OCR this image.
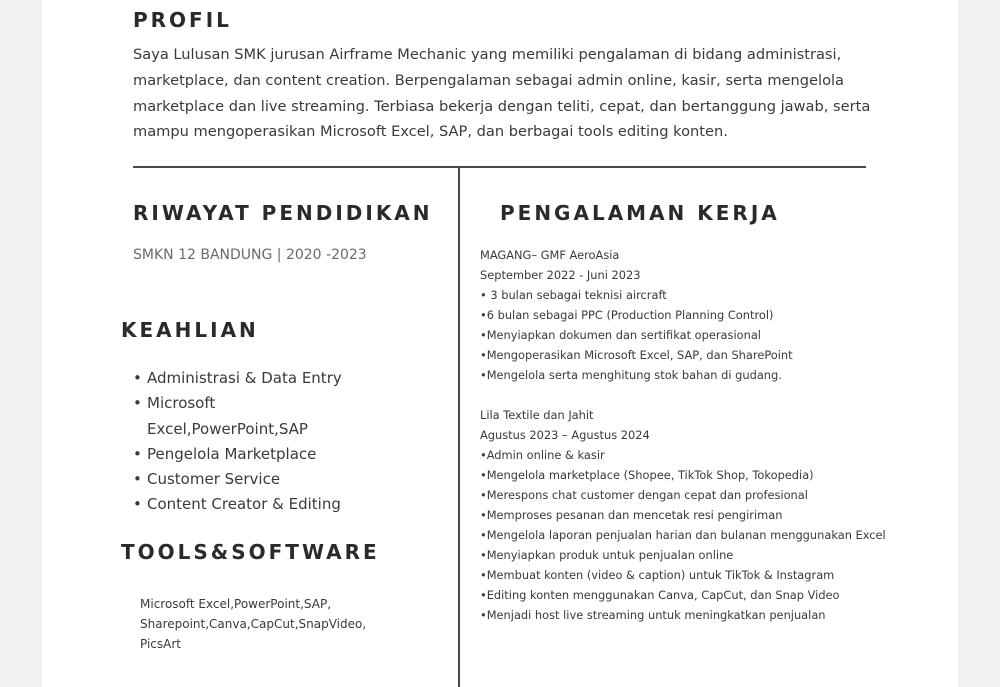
PROFIL
Saya Lulusan SMK jurusan Airframe Mechanic yang memiliki pengalaman di bidang administrasi, marketplace, dan content creation. Berpengalaman sebagai admin online, kasir, serta mengelola marketplace dan live streaming. Terbiasa bekerja dengan teliti, cepat, dan bertanggung jawab, serta mampu mengoperasikan Microsoft Excel, SAP, dan berbagai tools editing konten.
RIWAYAT PENDIDIKAN
SMKN 12 BANDUNG | 2020 -2023
KEAHLIAN
• Administrasi & Data Entry
• Microsoft Excel,PowerPoint,SAP
• Pengelola Marketplace
• Customer Service
• Content Creator & Editing
TOOLS&SOFTWARE
Microsoft Excel,PowerPoint,SAP, Sharepoint,Canva,CapCut,SnapVideo, PicsArt
PENGALAMAN KERJA
MAGANG– GMF AeroAsia
September 2022 - Juni 2023
• 3 bulan sebagai teknisi aircraft
•6 bulan sebagai PPC (Production Planning Control)
•Menyiapkan dokumen dan sertifikat operasional
•Mengoperasikan Microsoft Excel, SAP, dan SharePoint
•Mengelola serta menghitung stok bahan di gudang.
Lila Textile dan Jahit
Agustus 2023 – Agustus 2024
•Admin online & kasir
•Mengelola marketplace (Shopee, TikTok Shop, Tokopedia)
•Merespons chat customer dengan cepat dan profesional
•Memproses pesanan dan mencetak resi pengiriman
•Mengelola laporan penjualan harian dan bulanan menggunakan Excel
•Menyiapkan produk untuk penjualan online
•Membuat konten (video & caption) untuk TikTok & Instagram
•Editing konten menggunakan Canva, CapCut, dan Snap Video
•Menjadi host live streaming untuk meningkatkan penjualan
